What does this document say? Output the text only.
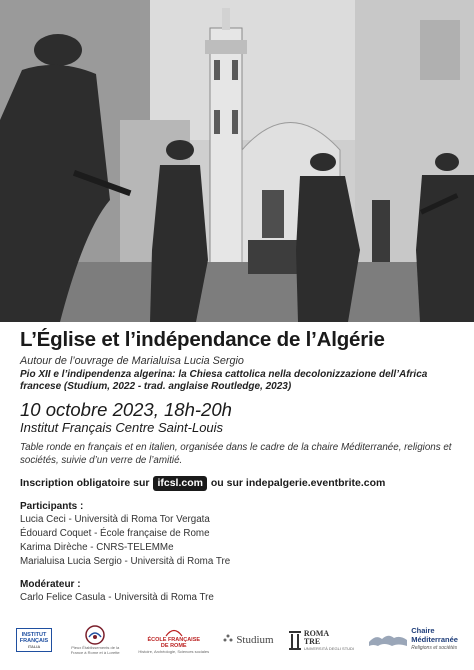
L’Église et l’indépendance de l’Algérie
Autour de l’ouvrage de Marialuisa Lucia Sergio
Pio XII e l’indipendenza algerina: la Chiesa cattolica nella decolonizzazione dell’Africa francese (Studium, 2022 - trad. anglaise Routledge, 2023)
10 octobre 2023, 18h-20h
Institut Français Centre Saint-Louis
Table ronde en français et en italien, organisée dans le cadre de la chaire Méditerranée, religions et sociétés, suivie d’un verre de l’amitié.
Inscription obligatoire sur ifcsl.com ou sur indepalgerie.eventbrite.com
Participants :
Lucia Ceci - Università di Roma Tor Vergata
Édouard Coquet - École française de Rome
Karima Dirèche - CNRS-TELEMMe
Marialuisa Lucia Sergio - Università di Roma Tre
Modérateur :
Carlo Felice Casula - Università di Roma Tre
INSTITUT
FRANÇAIS
ITALIA	Pieux Établissements de la France à Rome et à Lorette
ÉCOLE FRANÇAISE
DE ROME
Histoire, Archéologie, Sciences sociales
Studium
ROMA
TRE
UNIVERSITÀ DEGLI STUDI
Chaire
Méditerranée
Religions et sociétés
